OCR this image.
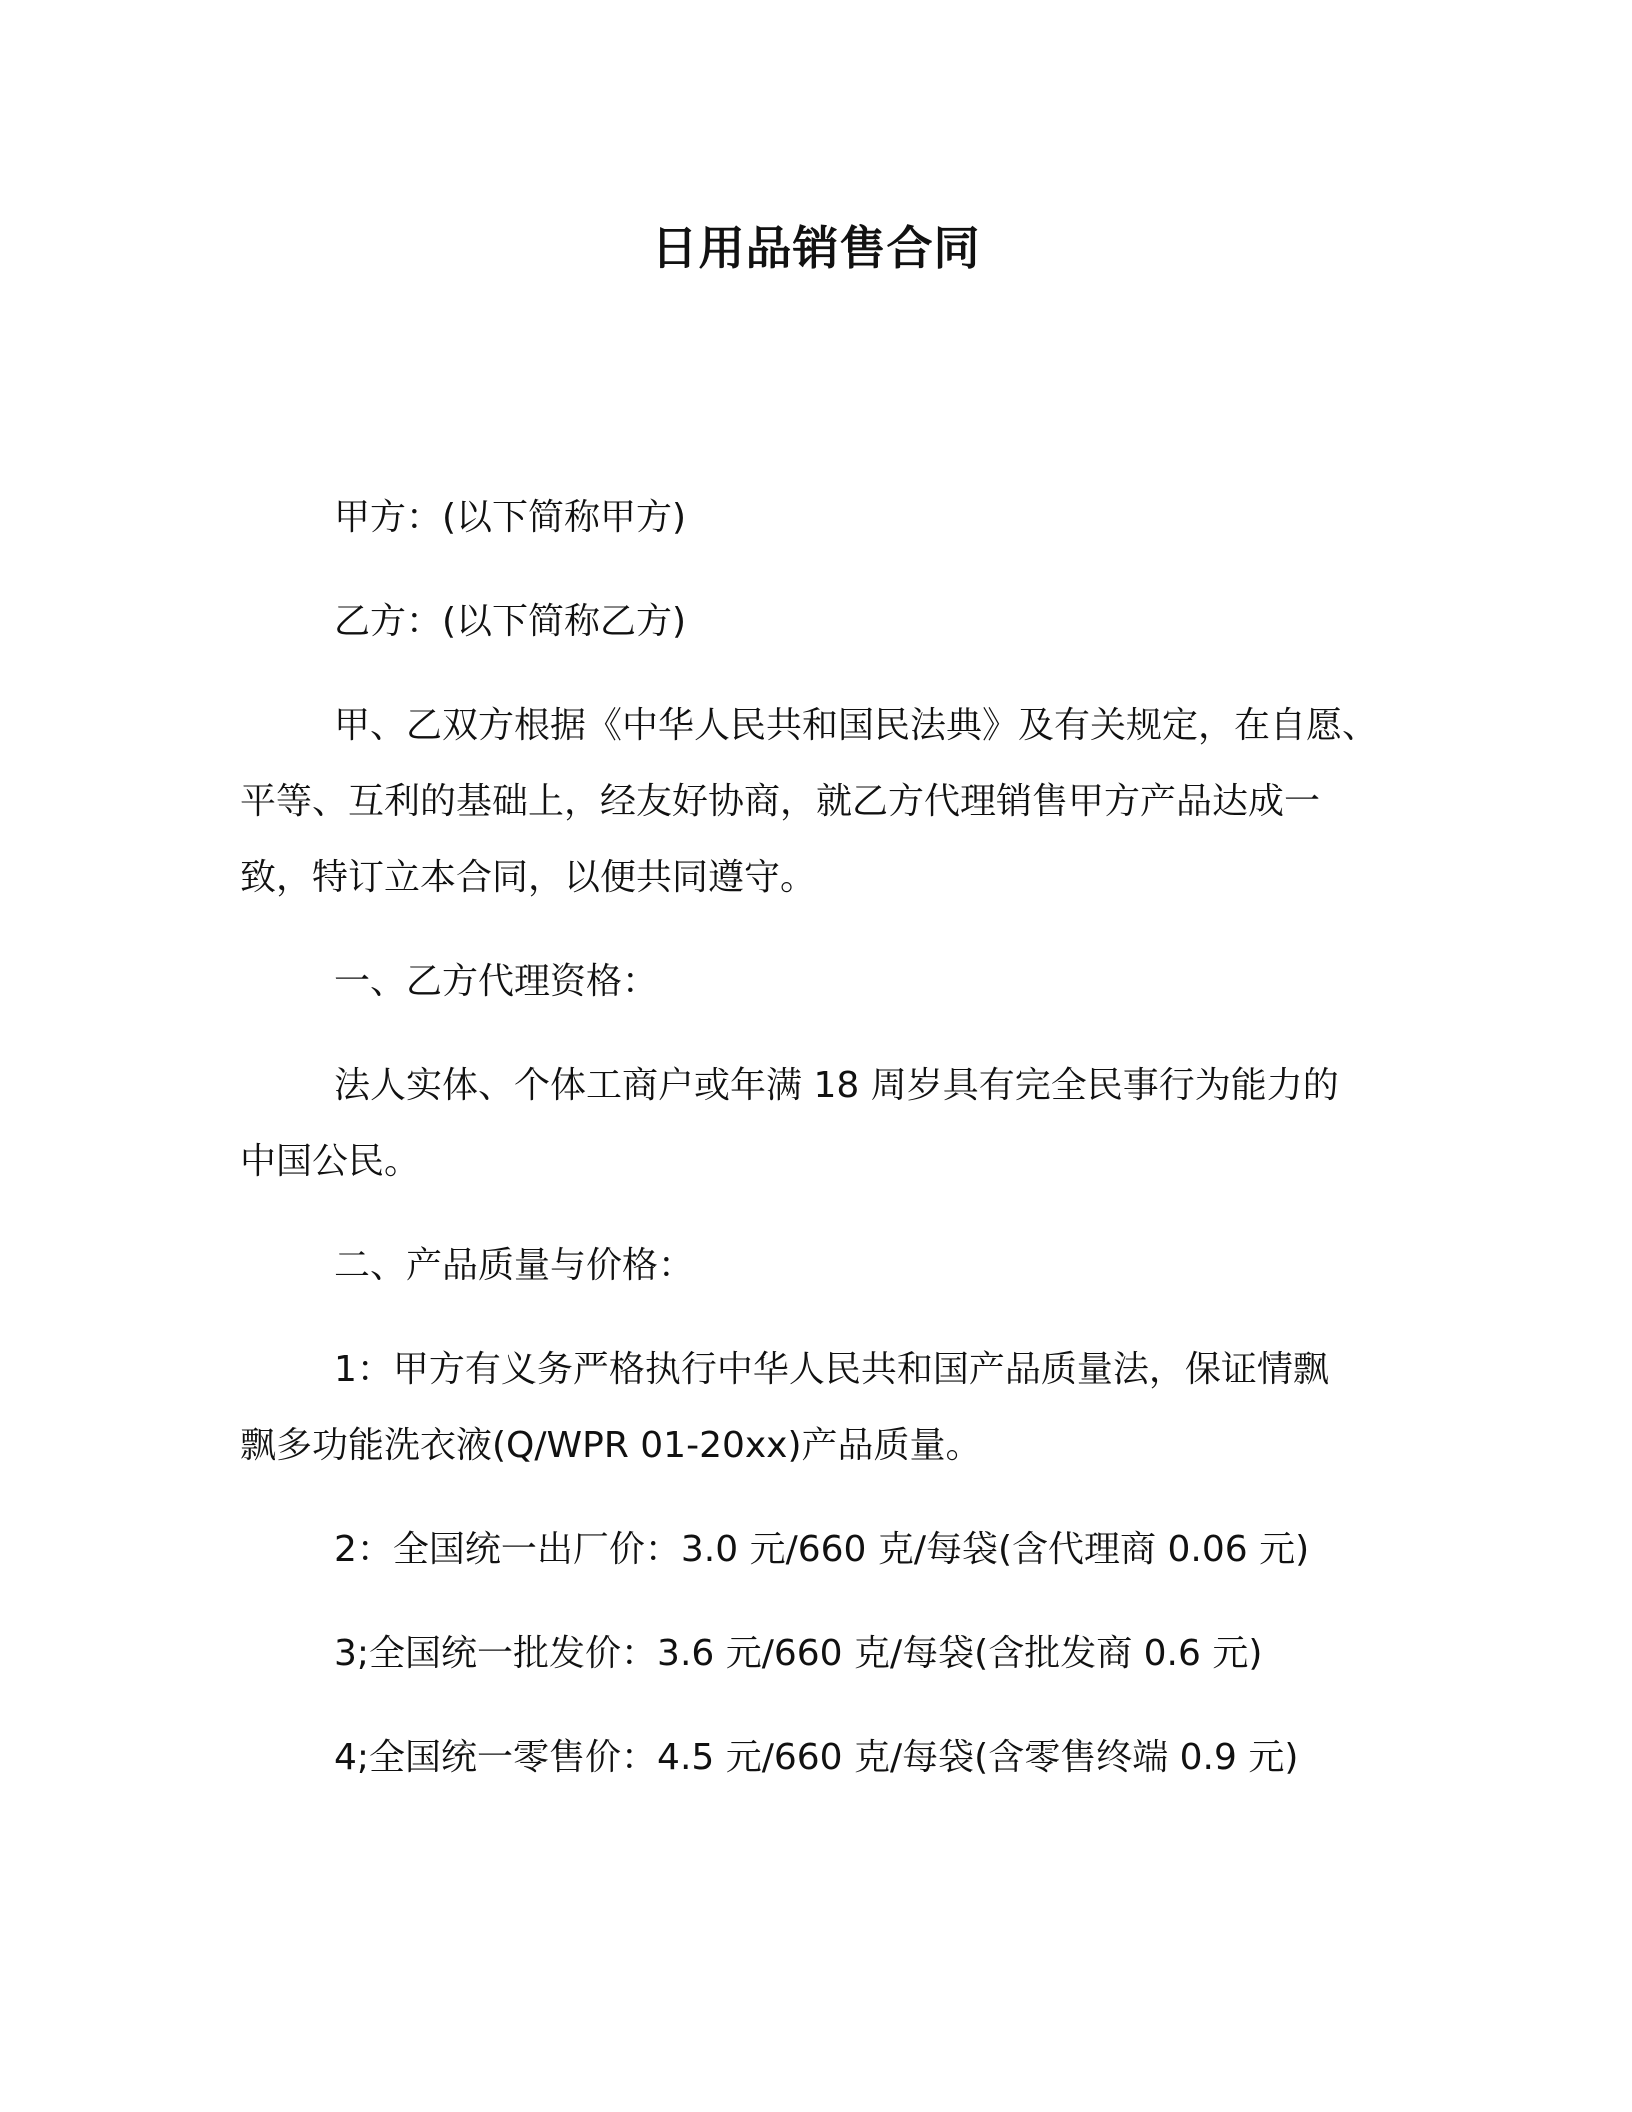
日用品销售合同
甲方：(以下简称甲方)
乙方：(以下简称乙方)
甲、乙双方根据《中华人民共和国民法典》及有关规定，在自愿、
平等、互利的基础上，经友好协商，就乙方代理销售甲方产品达成一
致，特订立本合同，以便共同遵守。
一、乙方代理资格：
法人实体、个体工商户或年满 18 周岁具有完全民事行为能力的
中国公民。
二、产品质量与价格：
1：甲方有义务严格执行中华人民共和国产品质量法，保证情飘
飘多功能洗衣液(Q/WPR 01-20xx)产品质量。
2：全国统一出厂价：3.0 元/660 克/每袋(含代理商 0.06 元)
3;全国统一批发价：3.6 元/660 克/每袋(含批发商 0.6 元)
4;全国统一零售价：4.5 元/660 克/每袋(含零售终端 0.9 元)
